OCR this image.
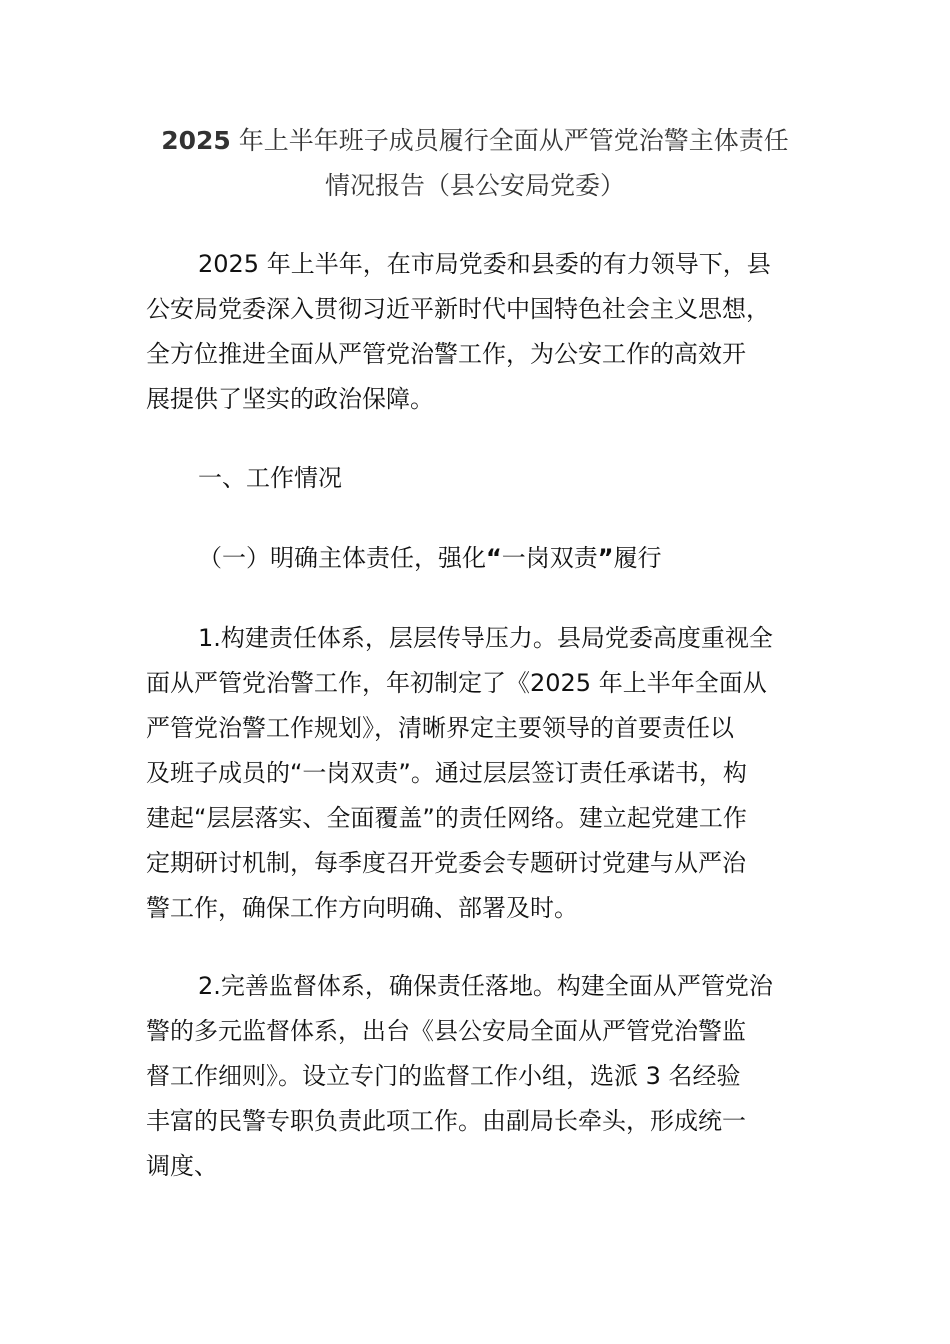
2025 年上半年班子成员履行全面从严管党治警主体责任
情况报告（县公安局党委）
2025 年上半年，在市局党委和县委的有力领导下，县
公安局党委深入贯彻习近平新时代中国特色社会主义思想，
全方位推进全面从严管党治警工作，为公安工作的高效开
展提供了坚实的政治保障。
一、工作情况
（一）明确主体责任，强化“一岗双责”履行
1.构建责任体系，层层传导压力。县局党委高度重视全
面从严管党治警工作，年初制定了《2025 年上半年全面从
严管党治警工作规划》，清晰界定主要领导的首要责任以
及班子成员的“一岗双责”。通过层层签订责任承诺书，构
建起“层层落实、全面覆盖”的责任网络。建立起党建工作
定期研讨机制，每季度召开党委会专题研讨党建与从严治
警工作，确保工作方向明确、部署及时。
2.完善监督体系，确保责任落地。构建全面从严管党治
警的多元监督体系，出台《县公安局全面从严管党治警监
督工作细则》。设立专门的监督工作小组，选派 3 名经验
丰富的民警专职负责此项工作。由副局长牵头，形成统一
调度、
